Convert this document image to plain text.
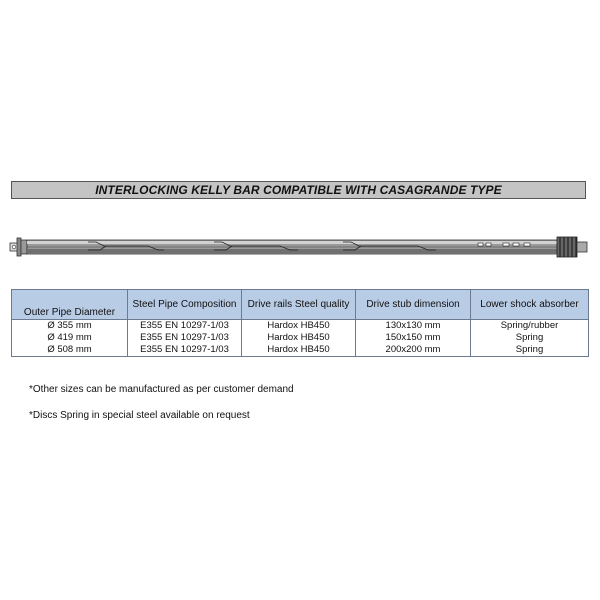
INTERLOCKING KELLY BAR COMPATIBLE WITH CASAGRANDE TYPE
Outer Pipe Diameter	Steel Pipe Composition	Drive rails Steel quality	Drive stub dimension	Lower shock absorber
Ø 355 mm	E355 EN 10297-1/03	Hardox HB450	130x130 mm	Spring/rubber
Ø 419 mm	E355 EN 10297-1/03	Hardox HB450	150x150 mm	Spring
Ø 508 mm	E355 EN 10297-1/03	Hardox HB450	200x200 mm	Spring
*Other sizes can be manufactured as per customer demand
*Discs Spring in special steel available on request
